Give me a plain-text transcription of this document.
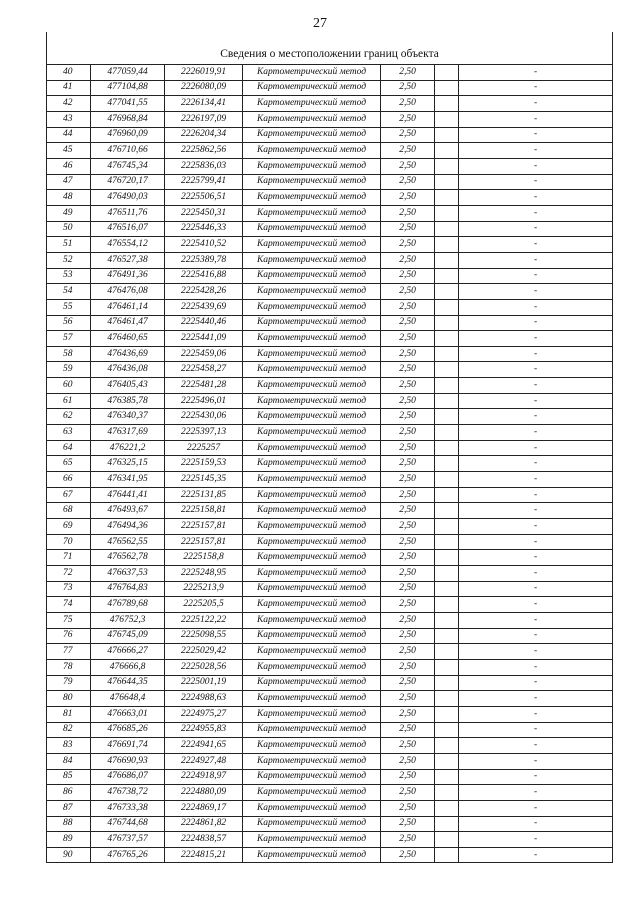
27
Сведения о местоположении границ объекта						
40	477059,44	2226019,91	Картометрический метод	2,50		-
41	477104,88	2226080,09	Картометрический метод	2,50		-
42	477041,55	2226134,41	Картометрический метод	2,50		-
43	476968,84	2226197,09	Картометрический метод	2,50		-
44	476960,09	2226204,34	Картометрический метод	2,50		-
45	476710,66	2225862,56	Картометрический метод	2,50		-
46	476745,34	2225836,03	Картометрический метод	2,50		-
47	476720,17	2225799,41	Картометрический метод	2,50		-
48	476490,03	2225506,51	Картометрический метод	2,50		-
49	476511,76	2225450,31	Картометрический метод	2,50		-
50	476516,07	2225446,33	Картометрический метод	2,50		-
51	476554,12	2225410,52	Картометрический метод	2,50		-
52	476527,38	2225389,78	Картометрический метод	2,50		-
53	476491,36	2225416,88	Картометрический метод	2,50		-
54	476476,08	2225428,26	Картометрический метод	2,50		-
55	476461,14	2225439,69	Картометрический метод	2,50		-
56	476461,47	2225440,46	Картометрический метод	2,50		-
57	476460,65	2225441,09	Картометрический метод	2,50		-
58	476436,69	2225459,06	Картометрический метод	2,50		-
59	476436,08	2225458,27	Картометрический метод	2,50		-
60	476405,43	2225481,28	Картометрический метод	2,50		-
61	476385,78	2225496,01	Картометрический метод	2,50		-
62	476340,37	2225430,06	Картометрический метод	2,50		-
63	476317,69	2225397,13	Картометрический метод	2,50		-
64	476221,2	2225257	Картометрический метод	2,50		-
65	476325,15	2225159,53	Картометрический метод	2,50		-
66	476341,95	2225145,35	Картометрический метод	2,50		-
67	476441,41	2225131,85	Картометрический метод	2,50		-
68	476493,67	2225158,81	Картометрический метод	2,50		-
69	476494,36	2225157,81	Картометрический метод	2,50		-
70	476562,55	2225157,81	Картометрический метод	2,50		-
71	476562,78	2225158,8	Картометрический метод	2,50		-
72	476637,53	2225248,95	Картометрический метод	2,50		-
73	476764,83	2225213,9	Картометрический метод	2,50		-
74	476789,68	2225205,5	Картометрический метод	2,50		-
75	476752,3	2225122,22	Картометрический метод	2,50		-
76	476745,09	2225098,55	Картометрический метод	2,50		-
77	476666,27	2225029,42	Картометрический метод	2,50		-
78	476666,8	2225028,56	Картометрический метод	2,50		-
79	476644,35	2225001,19	Картометрический метод	2,50		-
80	476648,4	2224988,63	Картометрический метод	2,50		-
81	476663,01	2224975,27	Картометрический метод	2,50		-
82	476685,26	2224955,83	Картометрический метод	2,50		-
83	476691,74	2224941,65	Картометрический метод	2,50		-
84	476690,93	2224927,48	Картометрический метод	2,50		-
85	476686,07	2224918,97	Картометрический метод	2,50		-
86	476738,72	2224880,09	Картометрический метод	2,50		-
87	476733,38	2224869,17	Картометрический метод	2,50		-
88	476744,68	2224861,82	Картометрический метод	2,50		-
89	476737,57	2224838,57	Картометрический метод	2,50		-
90	476765,26	2224815,21	Картометрический метод	2,50		-
